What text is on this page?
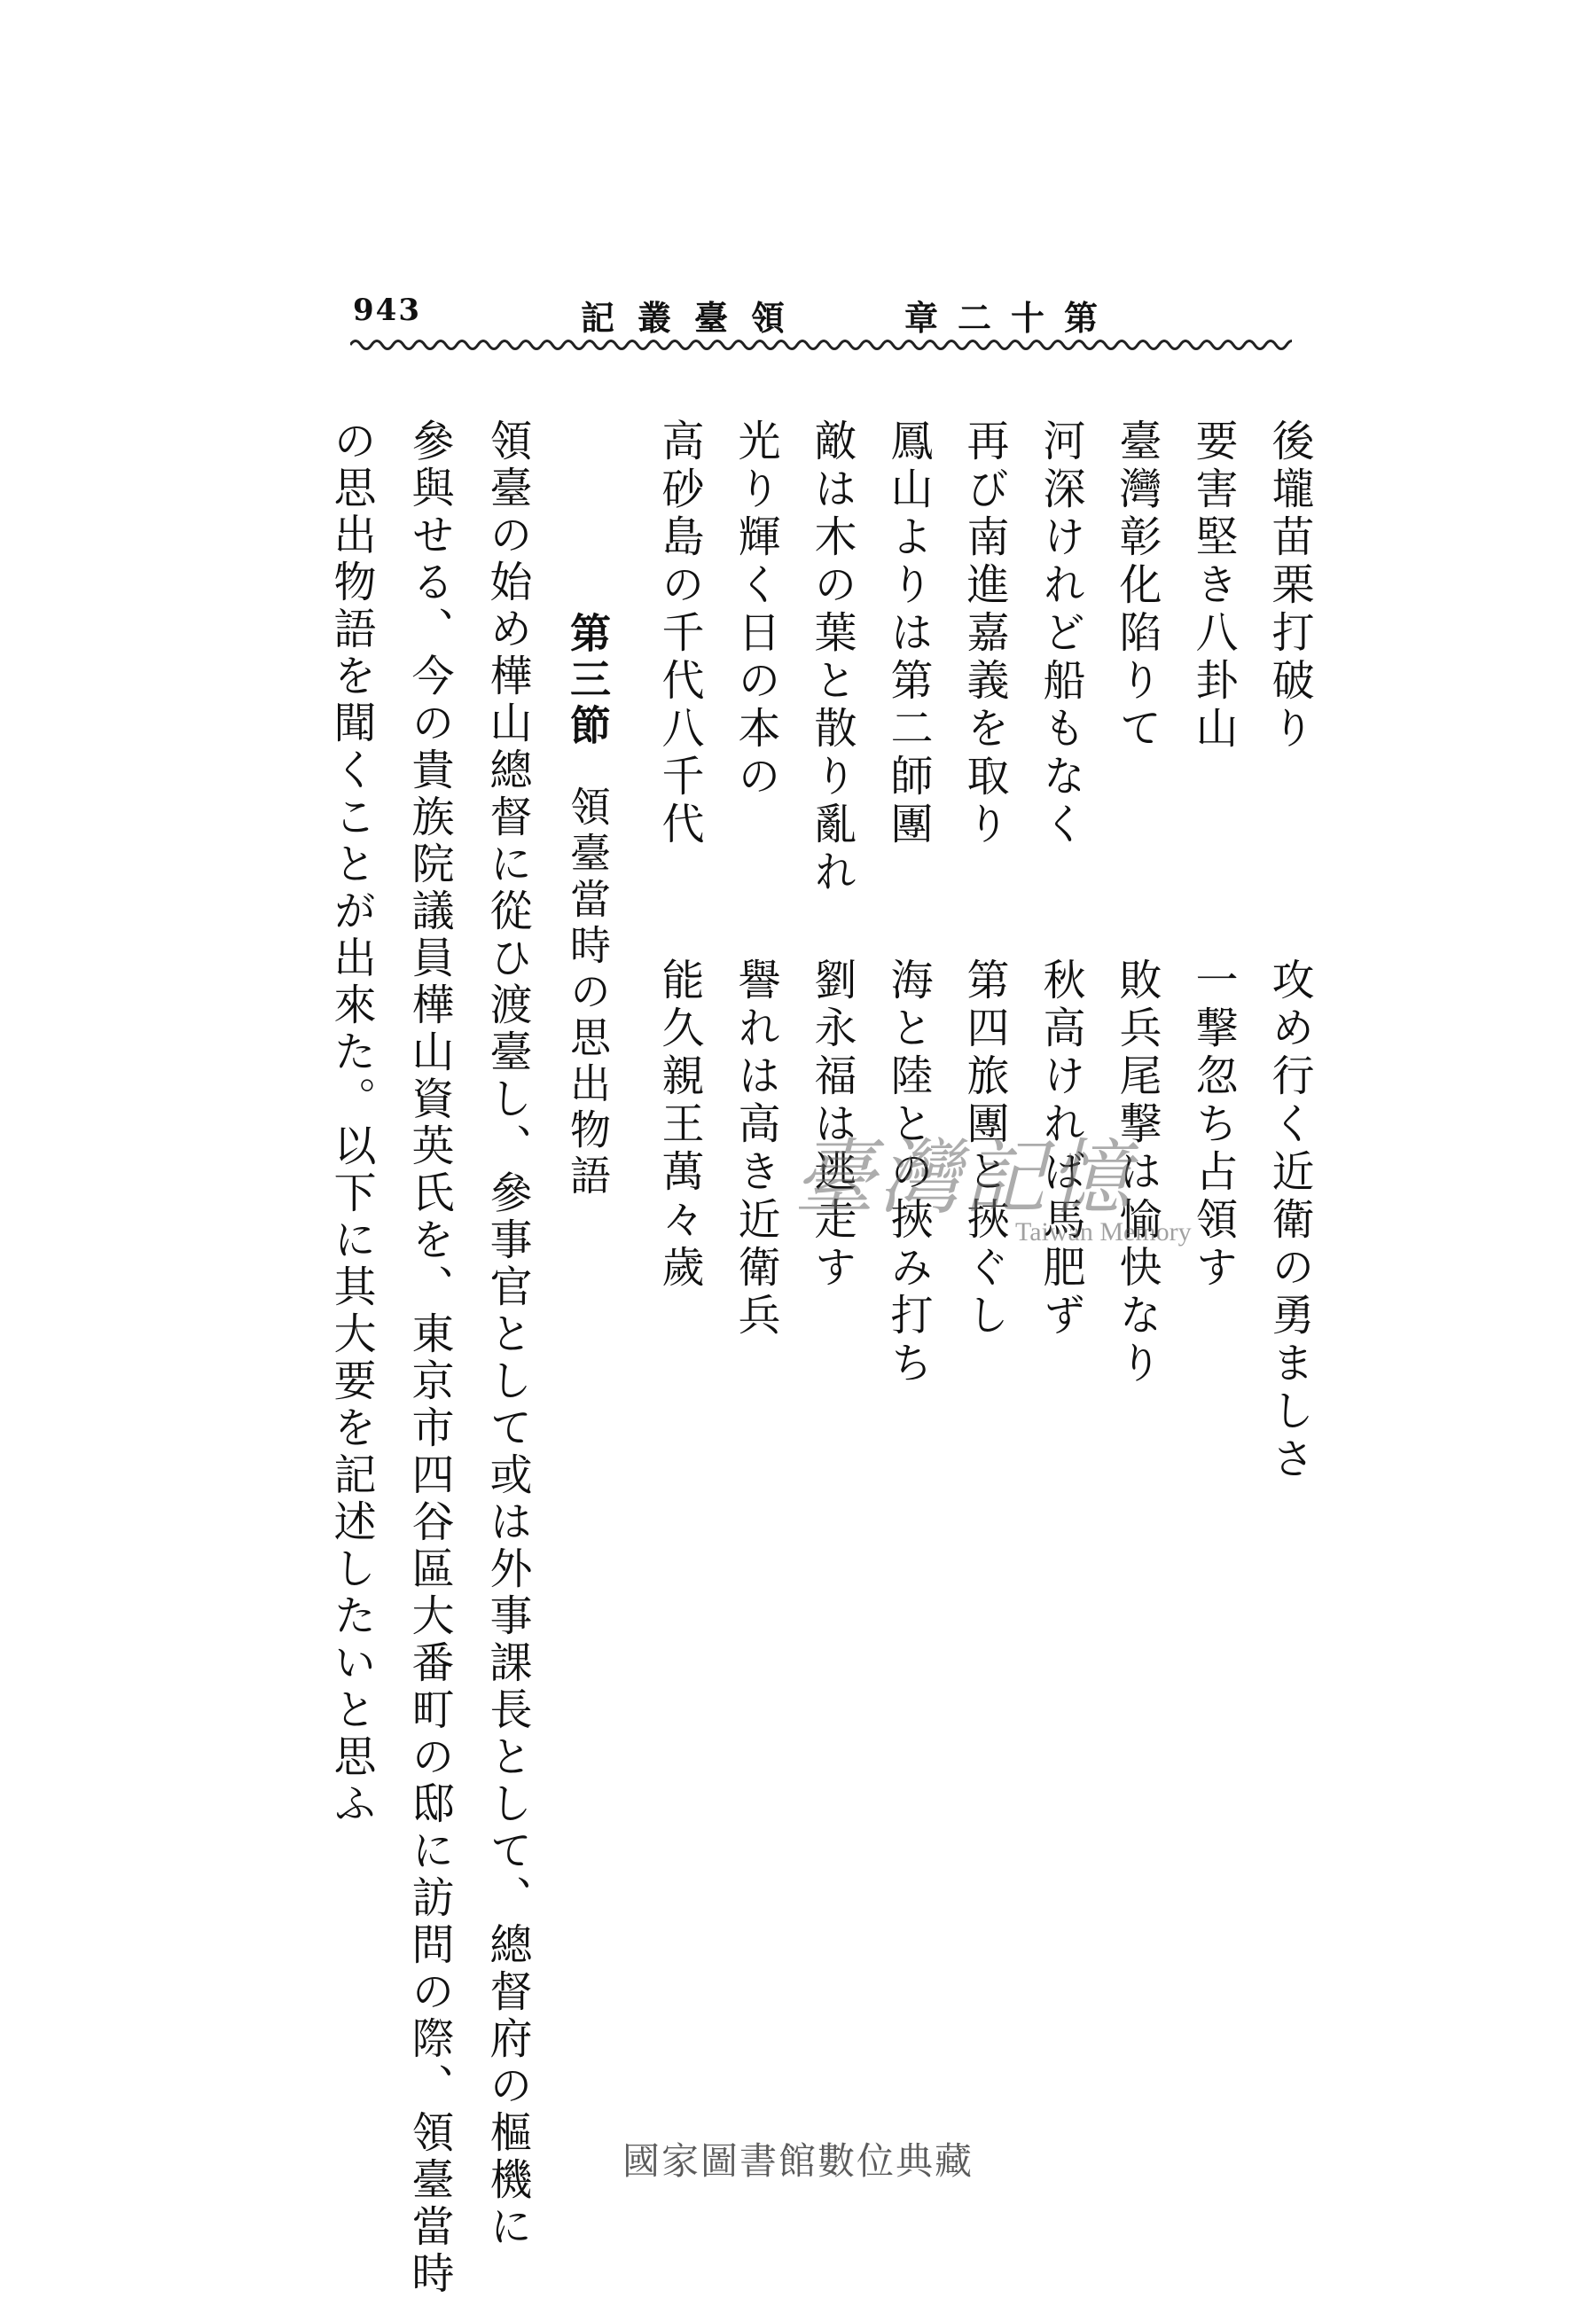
943	記叢臺領	章二十第
後壠苗栗打破り
要害堅き八卦山
臺灣彰化陷りて
河深けれど船もなく
再び南進嘉義を取り
鳳山よりは第二師團
敵は木の葉と散り亂れ
光り輝く日の本の
高砂島の千代八千代
攻め行く近衛の勇ましさ
一撃忽ち占領す
敗兵尾撃は愉快なり
秋高ければ馬肥ず
第四旅團と挾ぐし
海と陸との挾み打ち
劉永福は逃走す
譽れは高き近衛兵
能久親王萬々歲
第三節領臺當時の思出物語
領臺の始め樺山總督に從ひ渡臺し、參事官として或は外事課長として、總督府の樞機に
參與せる、今の貴族院議員樺山資英氏を、東京市四谷區大番町の邸に訪問の際、領臺當時
の思出物語を聞くことが出來た。以下に其大要を記述したいと思ふ	臺灣記憶
Taiwan Memory
國家圖書館數位典藏
